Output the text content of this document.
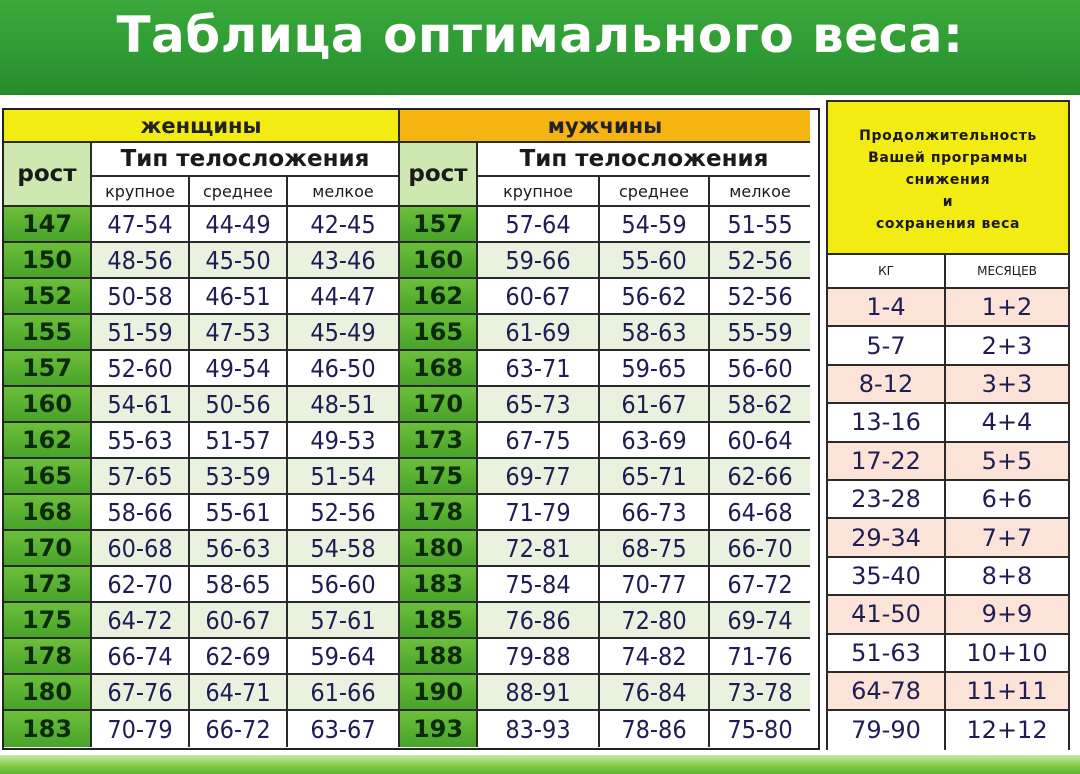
Таблица оптимального веса:
женщины	мужчины
рост	рост
Тип телосложения	Тип телосложения
крупное	среднее	мелкое	крупное	среднее	мелкое
147	47-54	44-49	42-45	157	57-64	54-59	51-55
150	48-56	45-50	43-46	160	59-66	55-60	52-56
152	50-58	46-51	44-47	162	60-67	56-62	52-56
155	51-59	47-53	45-49	165	61-69	58-63	55-59
157	52-60	49-54	46-50	168	63-71	59-65	56-60
160	54-61	50-56	48-51	170	65-73	61-67	58-62
162	55-63	51-57	49-53	173	67-75	63-69	60-64
165	57-65	53-59	51-54	175	69-77	65-71	62-66
168	58-66	55-61	52-56	178	71-79	66-73	64-68
170	60-68	56-63	54-58	180	72-81	68-75	66-70
173	62-70	58-65	56-60	183	75-84	70-77	67-72
175	64-72	60-67	57-61	185	76-86	72-80	69-74
178	66-74	62-69	59-64	188	79-88	74-82	71-76
180	67-76	64-71	61-66	190	88-91	76-84	73-78
183	70-79	66-72	63-67	193	83-93	78-86	75-80
Продолжительность
Вашей программы
снижения
и
сохранения веса
КГ	МЕСЯЦЕВ
1-4	1+2
5-7	2+3
8-12	3+3
13-16	4+4
17-22	5+5
23-28	6+6
29-34	7+7
35-40	8+8
41-50	9+9
51-63	10+10
64-78	11+11
79-90	12+12
